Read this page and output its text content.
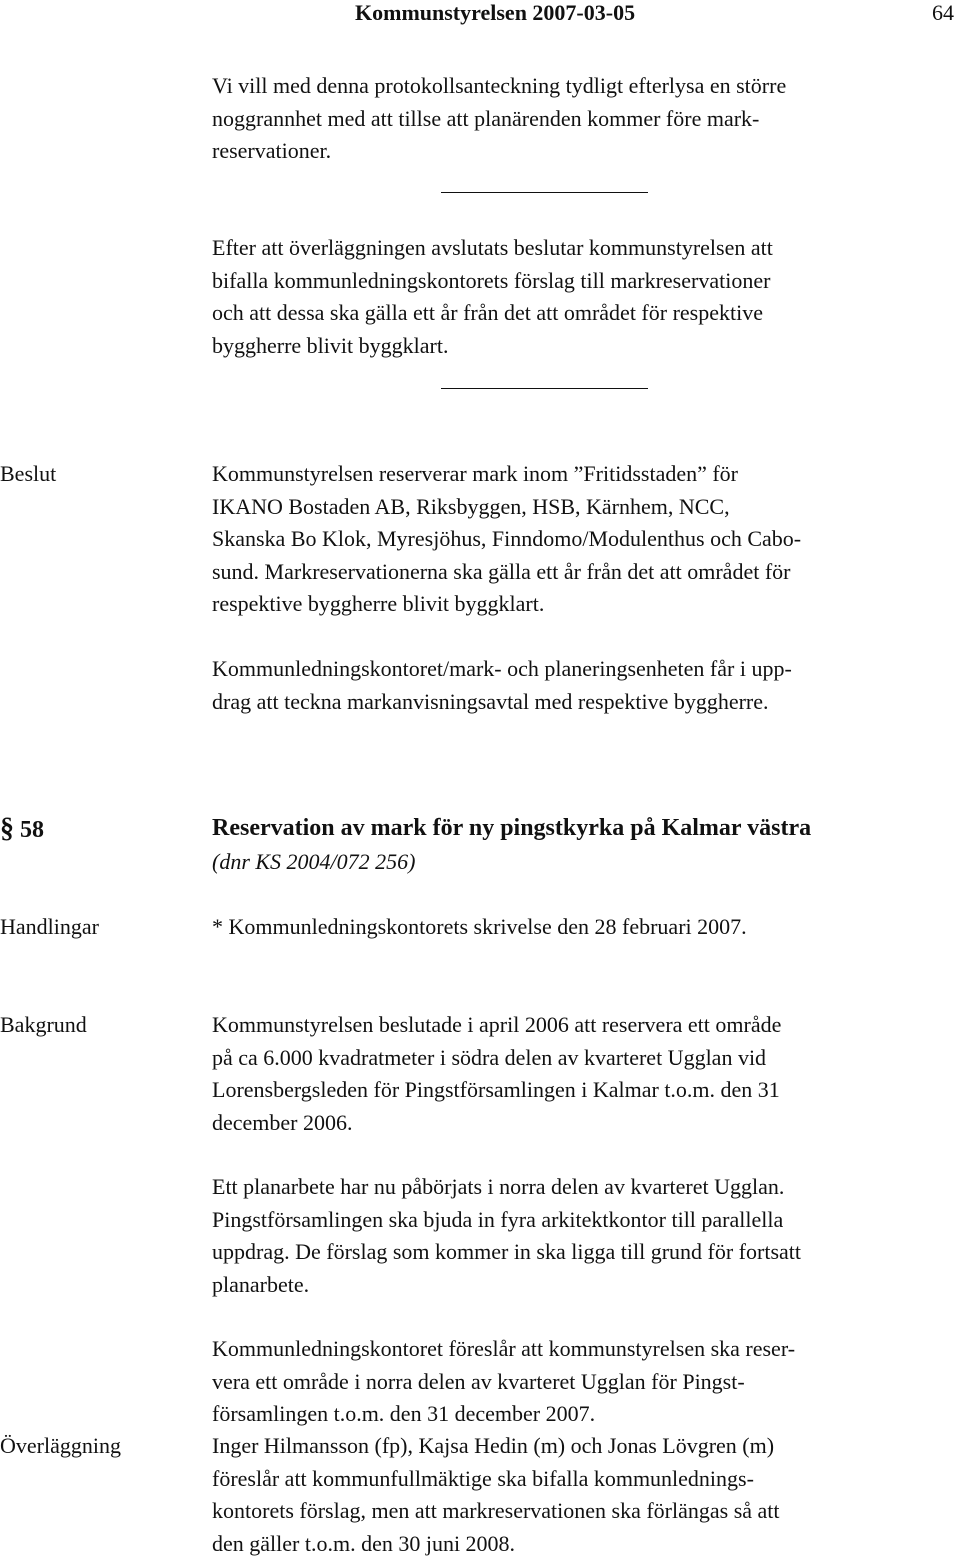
Kommunstyrelsen 2007-03-05	64

Vi vill med denna protokollsanteckning tydligt efterlysa en större
noggrannhet med att tillse att planärenden kommer före mark-
reservationer.

Efter att överläggningen avslutats beslutar kommunstyrelsen att
bifalla kommunledningskontorets förslag till markreservationer
och att dessa ska gälla ett år från det att området för respektive
byggherre blivit byggklart.

Beslut	Kommunstyrelsen reserverar mark inom ”Fritidsstaden” för
IKANO Bostaden AB, Riksbyggen, HSB, Kärnhem, NCC,
Skanska Bo Klok, Myresjöhus, Finndomo/Modulenthus och Cabo-
sund. Markreservationerna ska gälla ett år från det att området för
respektive byggherre blivit byggklart.

Kommunledningskontoret/mark- och planeringsenheten får i upp-
drag att teckna markanvisningsavtal med respektive byggherre.

§ 58	Reservation av mark för ny pingstkyrka på Kalmar västra
(dnr KS 2004/072 256)
Handlingar	* Kommunledningskontorets skrivelse den 28 februari 2007.
Bakgrund	Kommunstyrelsen beslutade i april 2006 att reservera ett område
på ca 6.000 kvadratmeter i södra delen av kvarteret Ugglan vid
Lorensbergsleden för Pingstförsamlingen i Kalmar t.o.m. den 31
december 2006.

Ett planarbete har nu påbörjats i norra delen av kvarteret Ugglan.
Pingstförsamlingen ska bjuda in fyra arkitektkontor till parallella
uppdrag. De förslag som kommer in ska ligga till grund för fortsatt
planarbete.

Kommunledningskontoret föreslår att kommunstyrelsen ska reser-
vera ett område i norra delen av kvarteret Ugglan för Pingst-
församlingen t.o.m. den 31 december 2007.

Överläggning	Inger Hilmansson (fp), Kajsa Hedin (m) och Jonas Lövgren (m)
föreslår att kommunfullmäktige ska bifalla kommunlednings-
kontorets förslag, men att markreservationen ska förlängas så att
den gäller t.o.m. den 30 juni 2008.
